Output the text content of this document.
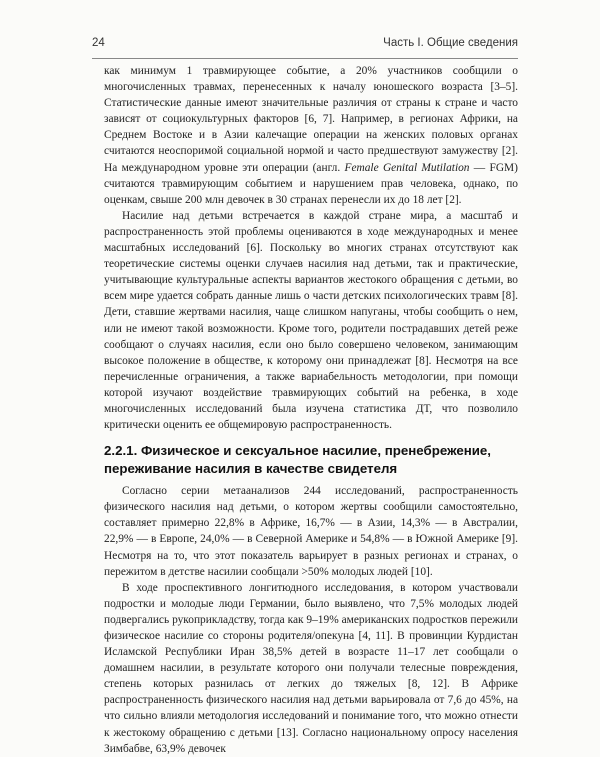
24	Часть I. Общие сведения

как минимум 1 травмирующее событие, а 20% участников сообщили о многочисленных травмах, перенесенных к началу юношеского возраста [3–5]. Статистические данные имеют значительные различия от страны к стране и часто зависят от социокультурных факторов [6, 7]. Например, в регионах Африки, на Среднем Востоке и в Азии калечащие операции на женских половых органах считаются неоспоримой социальной нормой и часто предшествуют замужеству [2]. На международном уровне эти операции (англ. Female Genital Mutilation — FGM) считаются травмирующим событием и нарушением прав человека, однако, по оценкам, свыше 200 млн девочек в 30 странах перенесли их до 18 лет [2].

Насилие над детьми встречается в каждой стране мира, а масштаб и распространенность этой проблемы оцениваются в ходе международных и менее масштабных исследований [6]. Поскольку во многих странах отсутствуют как теоретические системы оценки случаев насилия над детьми, так и практические, учитывающие культуральные аспекты вариантов жестокого обращения с детьми, во всем мире удается собрать данные лишь о части детских психологических травм [8]. Дети, ставшие жертвами насилия, чаще слишком напуганы, чтобы сообщить о нем, или не имеют такой возможности. Кроме того, родители пострадавших детей реже сообщают о случаях насилия, если оно было совершено человеком, занимающим высокое положение в обществе, к которому они принадлежат [8]. Несмотря на все перечисленные ограничения, а также вариабельность методологии, при помощи которой изучают воздействие травмирующих событий на ребенка, в ходе многочисленных исследований была изучена статистика ДТ, что позволило критически оценить ее общемировую распространенность.

2.2.1. Физическое и сексуальное насилие, пренебрежение, переживание насилия в качестве свидетеля

Согласно серии метаанализов 244 исследований, распространенность физического насилия над детьми, о котором жертвы сообщили самостоятельно, составляет примерно 22,8% в Африке, 16,7% — в Азии, 14,3% — в Австралии, 22,9% — в Европе, 24,0% — в Северной Америке и 54,8% — в Южной Америке [9]. Несмотря на то, что этот показатель варьирует в разных регионах и странах, о пережитом в детстве насилии сообщали >50% молодых людей [10].

В ходе проспективного лонгитюдного исследования, в котором участвовали подростки и молодые люди Германии, было выявлено, что 7,5% молодых людей подвергались рукоприкладству, тогда как 9–19% американских подростков пережили физическое насилие со стороны родителя/опекуна [4, 11]. В провинции Курдистан Исламской Республики Иран 38,5% детей в возрасте 11–17 лет сообщали о домашнем насилии, в результате которого они получали телесные повреждения, степень которых разнилась от легких до тяжелых [8, 12]. В Африке распространенность физического насилия над детьми варьировала от 7,6 до 45%, на что сильно влияли методология исследований и понимание того, что можно отнести к жестокому обращению с детьми [13]. Согласно национальному опросу населения Зимбабве, 63,9% девочек
